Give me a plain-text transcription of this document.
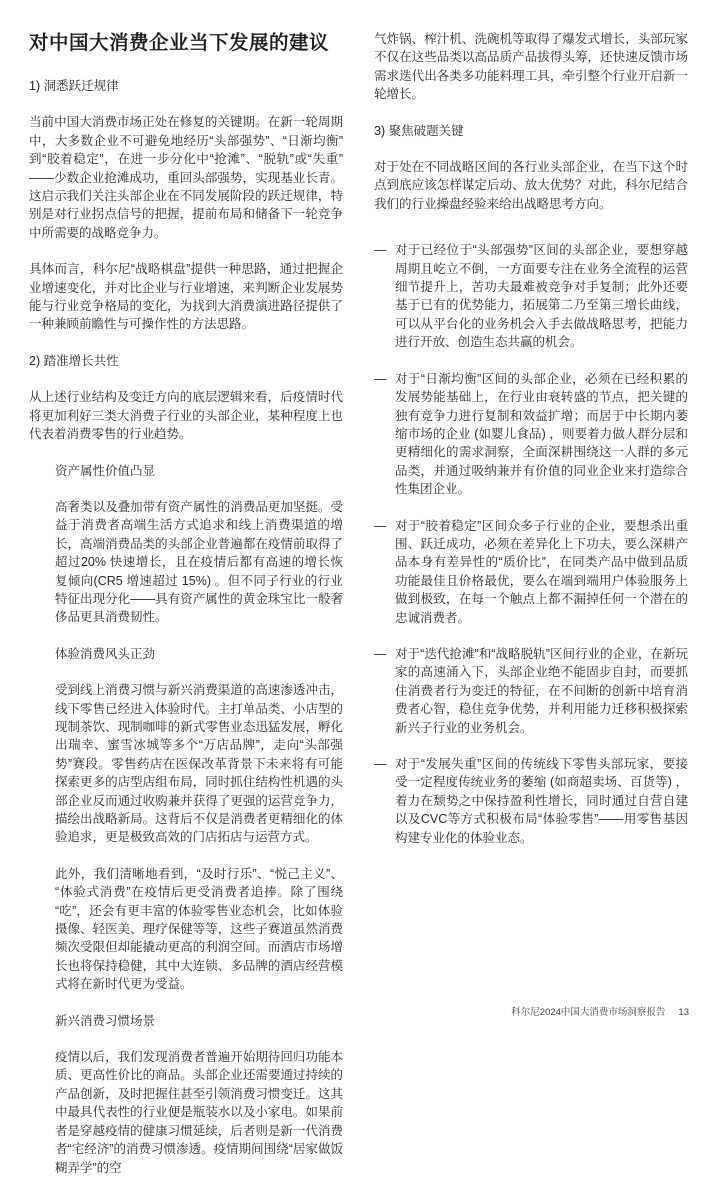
对中国大消费企业当下发展的建议
1) 洞悉跃迁规律

当前中国大消费市场正处在修复的关键期。在新一轮周期中，大多数企业不可避免地经历“头部强势”、“日渐均衡”到“胶着稳定”，在进一步分化中“抢滩”、“脱轨”或“失重”——少数企业抢滩成功，重回头部强势，实现基业长青。这启示我们关注头部企业在不同发展阶段的跃迁规律，特别是对行业拐点信号的把握，提前布局和储备下一轮竞争中所需要的战略竞争力。

具体而言，科尔尼“战略棋盘”提供一种思路，通过把握企业增速变化，并对比企业与行业增速，来判断企业发展势能与行业竞争格局的变化，为找到大消费演进路径提供了一种兼顾前瞻性与可操作性的方法思路。

2) 踏准增长共性

从上述行业结构及变迁方向的底层逻辑来看，后疫情时代将更加利好三类大消费子行业的头部企业，某种程度上也代表着消费零售的行业趋势。

资产属性价值凸显

高奢类以及叠加带有资产属性的消费品更加坚挺。受益于消费者高端生活方式追求和线上消费渠道的增长，高端消费品类的头部企业普遍都在疫情前取得了超过20% 快速增长，且在疫情后都有高速的增长恢复倾向(CR5 增速超过 15%) 。但不同子行业的行业特征出现分化——具有资产属性的黄金珠宝比一般奢侈品更具消费韧性。

体验消费风头正劲

受到线上消费习惯与新兴消费渠道的高速渗透冲击，线下零售已经进入体验时代。主打单品类、小店型的现制茶饮、现制咖啡的新式零售业态迅猛发展，孵化出瑞幸、蜜雪冰城等多个“万店品牌”，走向“头部强势”赛段。零售药店在医保改革背景下未来将有可能探索更多的店型店组布局，同时抓住结构性机遇的头部企业反而通过收购兼并获得了更强的运营竞争力，描绘出战略新局。这背后不仅是消费者更精细化的体验追求，更是极致高效的门店拓店与运营方式。

此外，我们清晰地看到，“及时行乐”、“悦己主义”、“体验式消费”在疫情后更受消费者追捧。除了围绕“吃”，还会有更丰富的体验零售业态机会，比如体验摄像、轻医美、理疗保健等等，这些子赛道虽然消费频次受限但却能撬动更高的利润空间。而酒店市场增长也将保持稳健，其中大连锁、多品牌的酒店经营模式将在新时代更为受益。

新兴消费习惯场景

疫情以后，我们发现消费者普遍开始期待回归功能本质、更高性价比的商品。头部企业还需要通过持续的产品创新，及时把握住甚至引领消费习惯变迁。这其中最具代表性的行业便是瓶装水以及小家电。如果前者是穿越疫情的健康习惯延续，后者则是新一代消费者“宅经济”的消费习惯渗透。疫情期间围绕“居家做饭糊弄学”的空

气炸锅、榨汁机、洗碗机等取得了爆发式增长，头部玩家不仅在这些品类以高品质产品拔得头筹，还快速反馈市场需求迭代出各类多功能料理工具，牵引整个行业开启新一轮增长。

3) 聚焦破题关键

对于处在不同战略区间的各行业头部企业，在当下这个时点到底应该怎样谋定后动、放大优势？对此，科尔尼结合我们的行业操盘经验来给出战略思考方向。

— 对于已经位于“头部强势”区间的头部企业，要想穿越周期且屹立不倒，一方面要专注在业务全流程的运营细节提升上，苦功夫最难被竞争对手复制；此外还要基于已有的优势能力，拓展第二乃至第三增长曲线，可以从平台化的业务机会入手去做战略思考，把能力进行开放、创造生态共赢的机会。
— 对于“日渐均衡”区间的头部企业，必须在已经积累的发展势能基础上，在行业由衰转盛的节点，把关键的独有竞争力进行复制和效益扩增；而居于中长期内萎缩市场的企业 (如婴儿食品) ，则要着力做人群分层和更精细化的需求洞察，全面深耕围绕这一人群的多元品类，并通过吸纳兼并有价值的同业企业来打造综合性集团企业。
— 对于“胶着稳定”区间众多子行业的企业，要想杀出重围、跃迁成功，必须在差异化上下功夫，要么深耕产品本身有差异性的“质价比”，在同类产品中做到品质功能最佳且价格最优，要么在端到端用户体验服务上做到极致，在每一个触点上都不漏掉任何一个潜在的忠诚消费者。
— 对于“迭代抢滩”和“战略脱轨”区间行业的企业，在新玩家的高速涌入下，头部企业绝不能固步自封，而要抓住消费者行为变迁的特征，在不间断的创新中培育消费者心智，稳住竞争优势，并利用能力迁移积极探索新兴子行业的业务机会。
— 对于“发展失重”区间的传统线下零售头部玩家，要接受一定程度传统业务的萎缩 (如商超卖场、百货等) ，着力在颓势之中保持盈利性增长，同时通过自营自建以及CVC等方式积极布局“体验零售”——用零售基因构建专业化的体验业态。
科尔尼2024中国大消费市场洞察报告 13
